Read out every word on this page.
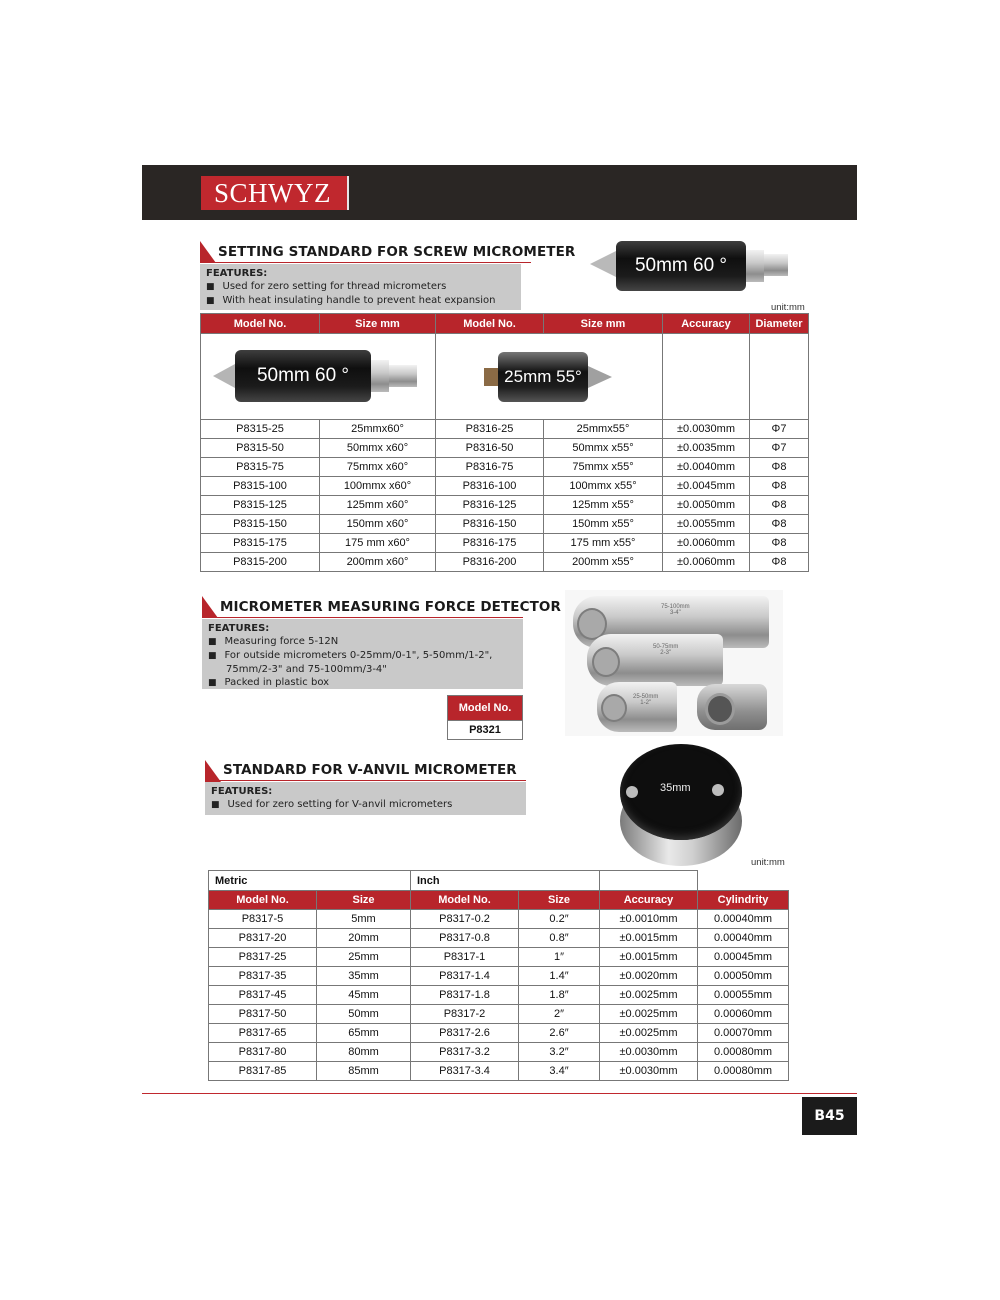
SCHWYZ
SETTING STANDARD FOR SCREW MICROMETER
FEATURES:
■ Used for zero setting for thread micrometers
■ With heat insulating handle to prevent heat expansion
50mm 60 °
unit:mm
Model No.	Size mm	Model No.	Size mm	Accuracy	Diameter

50mm 60 °		25mm 55°			

P8315-25	25mmx60°	P8316-25	25mmx55°	±0.0030mm	Φ7
P8315-50	50mmx x60°	P8316-50	50mmx x55°	±0.0035mm	Φ7
P8315-75	75mmx x60°	P8316-75	75mmx x55°	±0.0040mm	Φ8
P8315-100	100mmx x60°	P8316-100	100mmx x55°	±0.0045mm	Φ8
P8315-125	125mm x60°	P8316-125	125mm x55°	±0.0050mm	Φ8
P8315-150	150mm x60°	P8316-150	150mm x55°	±0.0055mm	Φ8
P8315-175	175 mm x60°	P8316-175	175 mm x55°	±0.0060mm	Φ8
P8315-200	200mm x60°	P8316-200	200mm x55°	±0.0060mm	Φ8
MICROMETER MEASURING FORCE DETECTOR
FEATURES:
■ Measuring force 5-12N
■ For outside micrometers 0-25mm/0-1", 5-50mm/1-2",
75mm/2-3" and 75-100mm/3-4"
■ Packed in plastic box
Model No.
P8321
75-100mm
3-4"
50-75mm
2-3"
25-50mm
1-2"
STANDARD FOR V-ANVIL MICROMETER
FEATURES:
■ Used for zero setting for V-anvil micrometers
35mm
unit:mm
Metric		Inch			
Model No.	Size	Model No.	Size	Accuracy	Cylindrity
P8317-5	5mm	P8317-0.2	0.2″	±0.0010mm	0.00040mm
P8317-20	20mm	P8317-0.8	0.8″	±0.0015mm	0.00040mm
P8317-25	25mm	P8317-1	1″	±0.0015mm	0.00045mm
P8317-35	35mm	P8317-1.4	1.4″	±0.0020mm	0.00050mm
P8317-45	45mm	P8317-1.8	1.8″	±0.0025mm	0.00055mm
P8317-50	50mm	P8317-2	2″	±0.0025mm	0.00060mm
P8317-65	65mm	P8317-2.6	2.6″	±0.0025mm	0.00070mm
P8317-80	80mm	P8317-3.2	3.2″	±0.0030mm	0.00080mm
P8317-85	85mm	P8317-3.4	3.4″	±0.0030mm	0.00080mm
B45
